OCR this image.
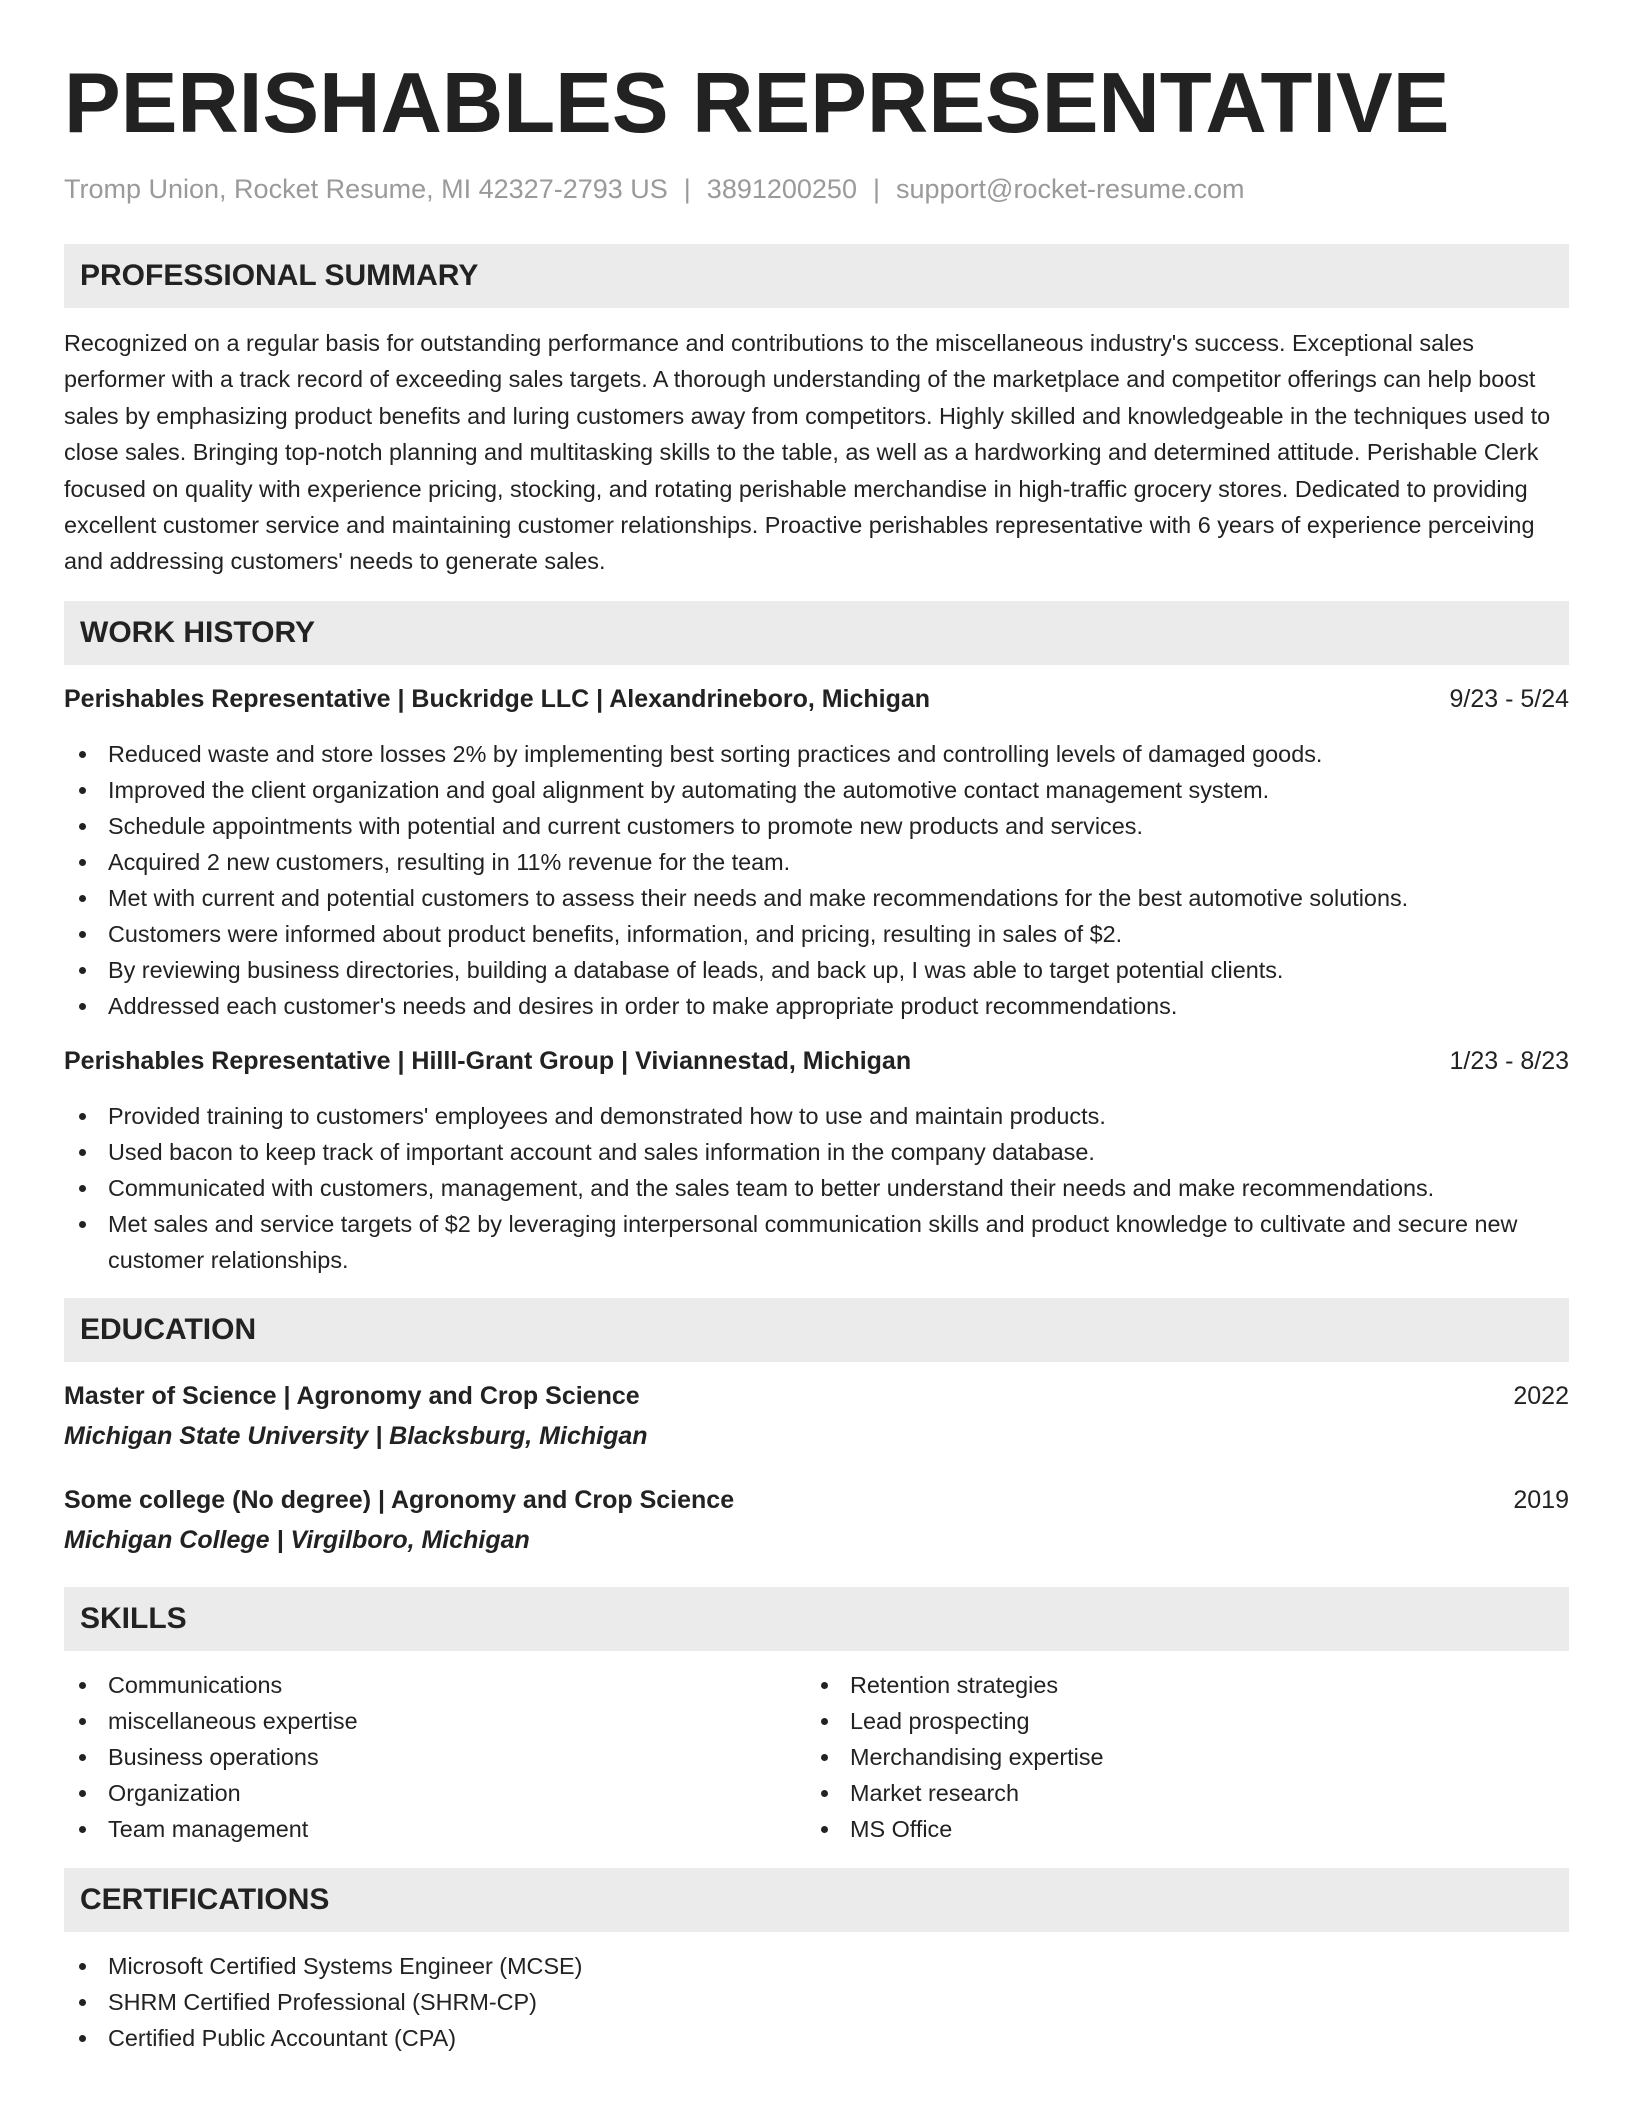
PERISHABLES REPRESENTATIVE
Tromp Union, Rocket Resume, MI 42327-2793 US | 3891200250 | support@rocket-resume.com
PROFESSIONAL SUMMARY

Recognized on a regular basis for outstanding performance and contributions to the miscellaneous industry's success. Exceptional sales performer with a track record of exceeding sales targets. A thorough understanding of the marketplace and competitor offerings can help boost sales by emphasizing product benefits and luring customers away from competitors. Highly skilled and knowledgeable in the techniques used to close sales. Bringing top-notch planning and multitasking skills to the table, as well as a hardworking and determined attitude. Perishable Clerk focused on quality with experience pricing, stocking, and rotating perishable merchandise in high-traffic grocery stores. Dedicated to providing excellent customer service and maintaining customer relationships. Proactive perishables representative with 6 years of experience perceiving and addressing customers' needs to generate sales.

WORK HISTORY
Perishables Representative | Buckridge LLC | Alexandrineboro, Michigan	9/23 - 5/24
Reduced waste and store losses 2% by implementing best sorting practices and controlling levels of damaged goods.
Improved the client organization and goal alignment by automating the automotive contact management system.
Schedule appointments with potential and current customers to promote new products and services.
Acquired 2 new customers, resulting in 11% revenue for the team.
Met with current and potential customers to assess their needs and make recommendations for the best automotive solutions.
Customers were informed about product benefits, information, and pricing, resulting in sales of $2.
By reviewing business directories, building a database of leads, and back up, I was able to target potential clients.
Addressed each customer's needs and desires in order to make appropriate product recommendations.
Perishables Representative | Hilll-Grant Group | Viviannestad, Michigan	1/23 - 8/23
Provided training to customers' employees and demonstrated how to use and maintain products.
Used bacon to keep track of important account and sales information in the company database.
Communicated with customers, management, and the sales team to better understand their needs and make recommendations.
Met sales and service targets of $2 by leveraging interpersonal communication skills and product knowledge to cultivate and secure new customer relationships.
EDUCATION
Master of Science | Agronomy and Crop Science	2022
Michigan State University | Blacksburg, Michigan
Some college (No degree) | Agronomy and Crop Science	2019
Michigan College | Virgilboro, Michigan
SKILLS
Communications
miscellaneous expertise
Business operations
Organization
Team management
Retention strategies
Lead prospecting
Merchandising expertise
Market research
MS Office
CERTIFICATIONS
Microsoft Certified Systems Engineer (MCSE)
SHRM Certified Professional (SHRM-CP)
Certified Public Accountant (CPA)
